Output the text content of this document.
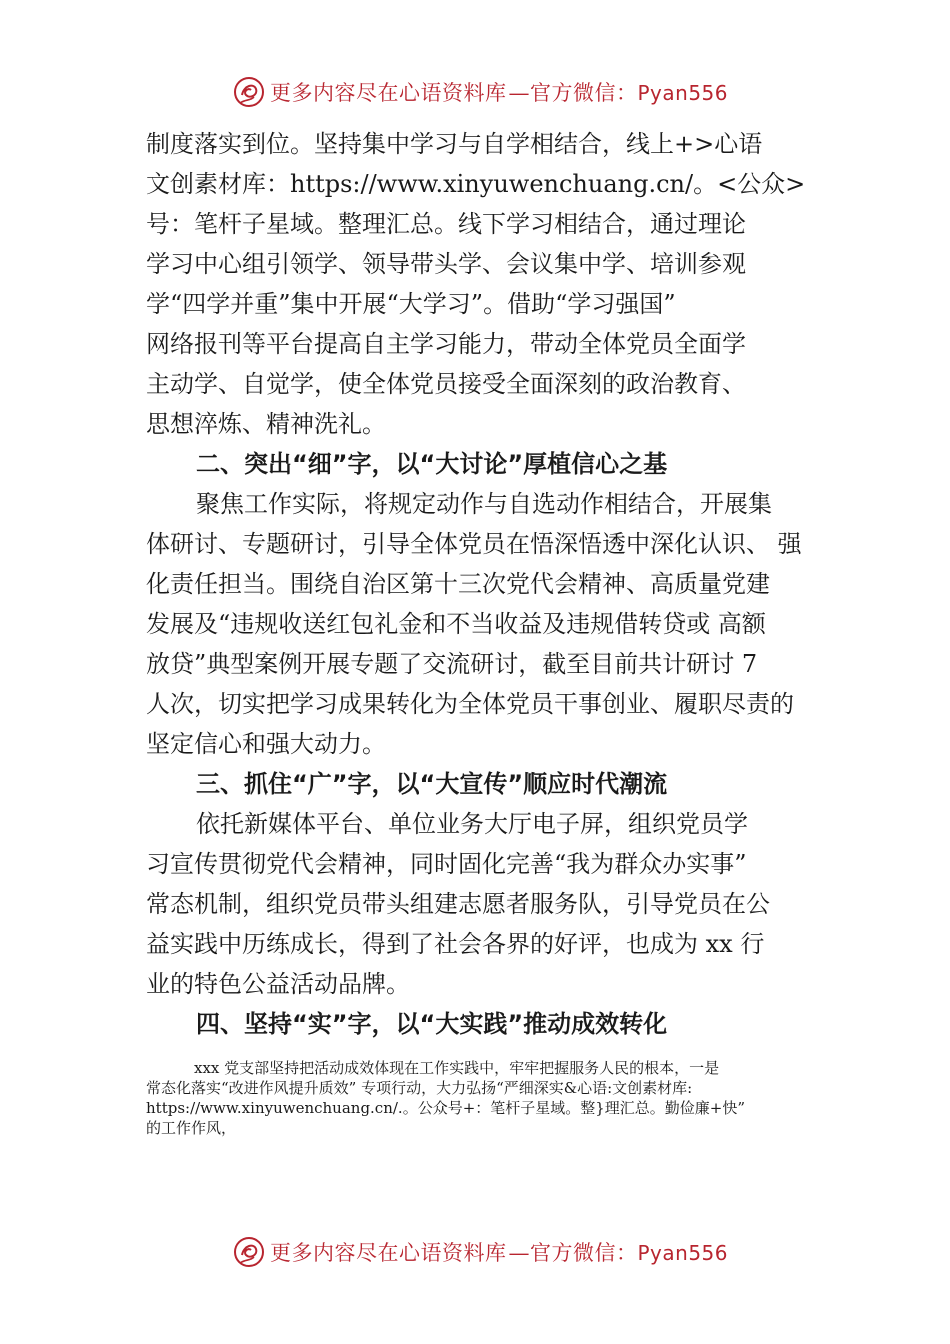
更多内容尽在心语资料库—官方微信：Pyan556
制度落实到位。坚持集中学习与自学相结合，线上+>心语
文创素材库：https://www.xinyuwenchuang.cn/。<公众>
号：笔杆子星域。整理汇总。线下学习相结合，通过理论
学习中心组引领学、领导带头学、会议集中学、培训参观
学“四学并重”集中开展“大学习”。借助“学习强国”
网络报刊等平台提高自主学习能力，带动全体党员全面学
主动学、自觉学，使全体党员接受全面深刻的政治教育、
思想淬炼、精神洗礼。
二、突出“细”字，以“大讨论”厚植信心之基
聚焦工作实际，将规定动作与自选动作相结合，开展集
体研讨、专题研讨，引导全体党员在悟深悟透中深化认识、 强
化责任担当。围绕自治区第十三次党代会精神、高质量党建
发展及“违规收送红包礼金和不当收益及违规借转贷或 高额
放贷”典型案例开展专题了交流研讨，截至目前共计研讨 7
人次，切实把学习成果转化为全体党员干事创业、履职尽责的
坚定信心和强大动力。
三、抓住“广”字，以“大宣传”顺应时代潮流
依托新媒体平台、单位业务大厅电子屏，组织党员学
习宣传贯彻党代会精神，同时固化完善“我为群众办实事”
常态机制，组织党员带头组建志愿者服务队，引导党员在公
益实践中历练成长，得到了社会各界的好评，也成为 xx 行
业的特色公益活动品牌。
四、坚持“实”字，以“大实践”推动成效转化
xxx 党支部坚持把活动成效体现在工作实践中，牢牢把握服务人民的根本，一是
常态化落实“改进作风提升质效” 专项行动，大力弘扬“严细深实&心语:文创素材库:
https://www.xinyuwenchuang.cn/.。公众号+：笔杆子星域。整}理汇总。勤俭廉+快”
的工作作风，
更多内容尽在心语资料库—官方微信：Pyan556
